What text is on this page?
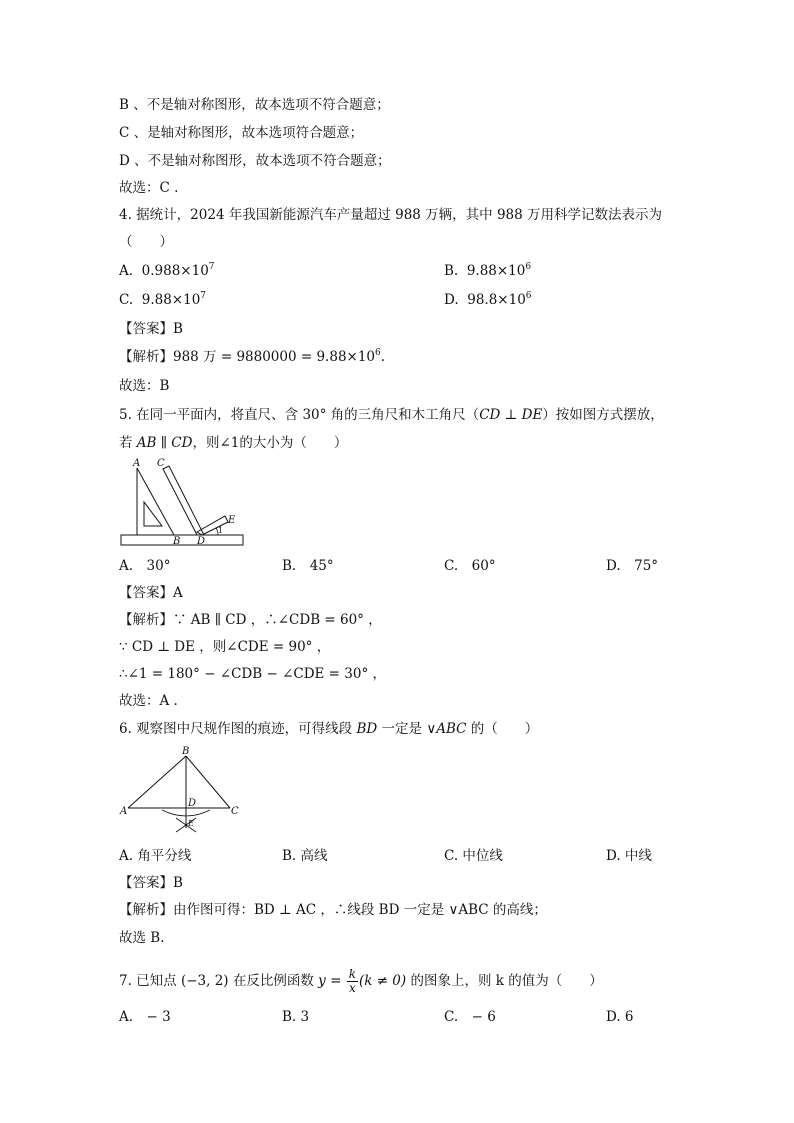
B 、不是轴对称图形，故本选项不符合题意；
C 、是轴对称图形，故本选项符合题意；
D 、不是轴对称图形，故本选项不符合题意；
故选：C .
4. 据统计，2024 年我国新能源汽车产量超过 988 万辆，其中 988 万用科学记数法表示为
（　　）
A. $0.988\times 10^7$	B. $9.88\times 10^6$
C. $9.88\times 10^7$	D. $98.8\times 10^6$
【答案】B
【解析】988 万 = $9880000 = 9.88\times 10^6$.
故选：B
5. 在同一平面内，将直尺、含 30° 角的三角尺和木工角尺（CD ⊥ DE）按如图方式摆放，
若 AB ∥ CD，则∠1的大小为（　　）
A C
E
B D
1
A.　30°	B.　45°	C.　60°	D.　75°
【答案】A
【解析】∵ AB ∥ CD ，∴∠CDB = 60° ，
∵ CD ⊥ DE ，则∠CDE = 90° ，
∴∠1 = 180° − ∠CDB − ∠CDE = 30° ，
故选：A .
6. 观察图中尺规作图的痕迹，可得线段 BD 一定是 ∨ABC 的（　　）
B
A	C
D
E
A. 角平分线	B. 高线	C. 中位线	D. 中线
【答案】B
【解析】由作图可得：BD ⊥ AC ，∴线段 BD 一定是 ∨ABC 的高线；
故选 B.
7. 已知点 (−3, 2) 在反比例函数 $y = \frac{k}{x} (k \ne 0)$ 的图象上，则 k 的值为（　　）
A.　− 3	B. 3	C.　− 6	D. 6
